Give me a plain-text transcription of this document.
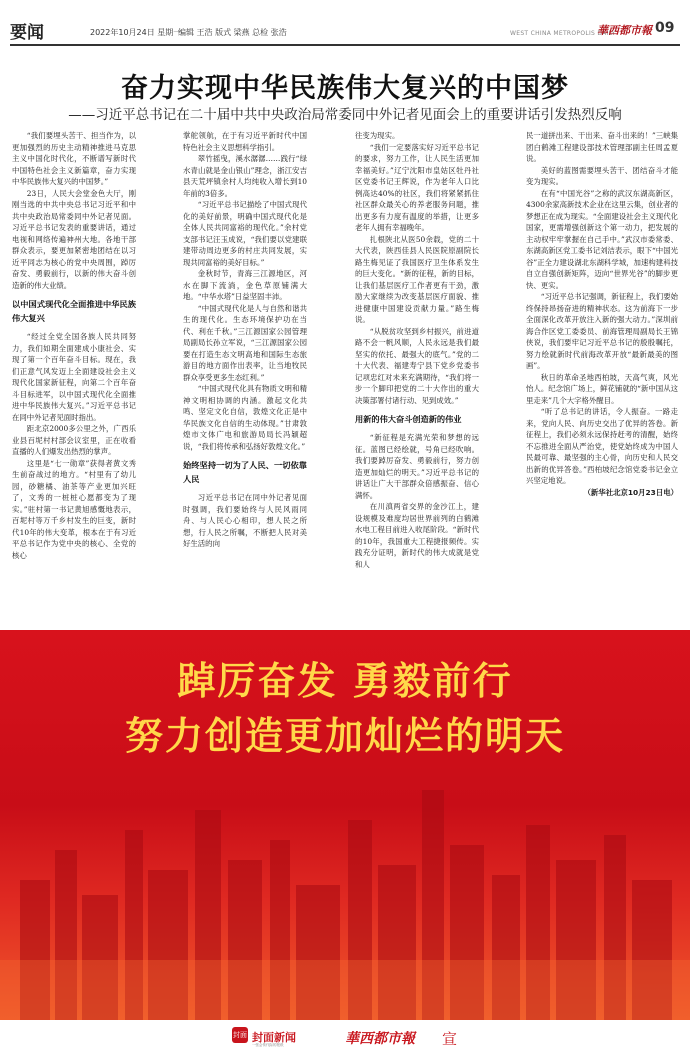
要闻	2022年10月24日 星期一
编辑 王浩 版式 梁燕 总检 张浩	WEST CHINA METROPOLIS DAILY
華西都市報 09
奋力实现中华民族伟大复兴的中国梦
——习近平总书记在二十届中共中央政治局常委同中外记者见面会上的重要讲话引发热烈反响

“我们要埋头苦干、担当作为，以更加强烈的历史主动精神推进马克思主义中国化时代化，不断谱写新时代中国特色社会主义新篇章，奋力实现中华民族伟大复兴的中国梦。”

23日，人民大会堂金色大厅，刚刚当选的中共中央总书记习近平和中共中央政治局常委同中外记者见面。习近平总书记发表的重要讲话，通过电视和网络传遍神州大地。各地干部群众表示，要更加紧密地团结在以习近平同志为核心的党中央周围，踔厉奋发、勇毅前行，以新的伟大奋斗创造新的伟大业绩。

以中国式现代化全面推进中华民族伟大复兴

“经过全党全国各族人民共同努力，我们如期全面建成小康社会、实现了第一个百年奋斗目标。现在，我们正意气风发迈上全面建设社会主义现代化国家新征程，向第二个百年奋斗目标进军，以中国式现代化全面推进中华民族伟大复兴。”习近平总书记在同中外记者见面时指出。

距北京2000多公里之外，广西乐业县百坭村村部会议室里，正在收看直播的人们爆发出热烈的掌声。

这里是“七一勋章”获得者黄文秀生前奋战过的地方。“村里有了幼儿园，砂糖橘、油茶等产业更加兴旺了，文秀的一桩桩心愿都变为了现实。”驻村第一书记黄旭感慨地表示，百坭村等万千乡村发生的巨变，新时代10年的伟大变革，根本在于有习近平总书记作为党中央的核心、全党的核心

掌舵领航，在于有习近平新时代中国特色社会主义思想科学指引。

翠竹摇曳，溪水潺潺……践行“绿水青山就是金山银山”理念，浙江安吉县天荒坪镇余村人均纯收入增长到10年前的3倍多。

“习近平总书记描绘了中国式现代化的美好前景，明确中国式现代化是全体人民共同富裕的现代化。”余村党支部书记汪玉成说，“我们要以党建联建带动周边更多的村庄共同发展，实现共同富裕的美好目标。”

金秋时节，青海三江源地区，河水在脚下流淌，金色草原铺满大地。“中华水塔”日益坚固丰沛。

“中国式现代化是人与自然和谐共生的现代化。生态环境保护功在当代、利在千秋。”三江源国家公园管理局副局长孙立军说，“三江源国家公园要在打造生态文明高地和国际生态旅游目的地方面作出表率，让当地牧民群众享受更多生态红利。”

“中国式现代化具有物质文明和精神文明相协调的内涵。激起文化共鸣、坚定文化自信，敦煌文化正是中华民族文化自信的生动体现。”甘肃敦煌市文体广电和旅游局局长冯颖超说，“我们将传承和弘扬好敦煌文化。”

始终坚持一切为了人民、一切依靠人民

习近平总书记在同中外记者见面时强调，我们要始终与人民风雨同舟、与人民心心相印，想人民之所想，行人民之所嘱，不断把人民对美好生活的向

往变为现实。

“我们一定要落实好习近平总书记的要求，努力工作，让人民生活更加幸福美好。”辽宁沈阳市皇姑区牡丹社区党委书记王辉说，作为老年人口比例高达40%的社区，我们将紧紧抓住社区群众最关心的养老服务问题，推出更多有力度有温度的举措，让更多老年人拥有幸福晚年。

扎根陕北从医50余载，党的二十大代表，陕西佳县人民医院原副院长路生梅见证了我国医疗卫生体系发生的巨大变化。“新的征程，新的目标，让我们基层医疗工作者更有干劲，激励大家继续为改变基层医疗面貌、推进健康中国建设贡献力量。”路生梅说。

“从脱贫攻坚到乡村振兴，前进道路不会一帆风顺，人民永远是我们最坚实的依托、最强大的底气。”党的二十大代表、福建寿宁县下党乡党委书记项忠红对未来充满期待，“我们将一步一个脚印把党的二十大作出的重大决策部署付诸行动、见到成效。”

用新的伟大奋斗创造新的伟业

“新征程是充满光荣和梦想的远征。蓝图已经绘就，号角已经吹响。我们要踔厉奋发、勇毅前行，努力创造更加灿烂的明天。”习近平总书记的讲话让广大干部群众倍感振奋、信心满怀。

在川滇两省交界的金沙江上，建设规模及难度均居世界前列的白鹤滩水电工程目前进入收尾阶段。“新时代的10年，我国重大工程捷报频传。实践充分证明，新时代的伟大成就是党和人

民一道拼出来、干出来、奋斗出来的！”三峡集团白鹤滩工程建设部技术管理部副主任周孟夏说。

美好的蓝图需要埋头苦干、团结奋斗才能变为现实。

在有“中国光谷”之称的武汉东湖高新区，4300余家高新技术企业在这里云集，创业者的梦想正在成为现实。“全面建设社会主义现代化国家，更需增强创新这个第一动力，把发展的主动权牢牢掌握在自己手中。”武汉市委常委、东湖高新区党工委书记刘洁表示，眼下“中国光谷”正全力建设湖北东湖科学城，加速构建科技自立自强创新矩阵，迈向“世界光谷”的脚步更快、更实。

“习近平总书记强调，新征程上，我们要始终保持昂扬奋进的精神状态。这为前海下一步全面深化改革开放注入新的强大动力。”深圳前海合作区党工委委员、前海管理局副局长王锦侠说，我们要牢记习近平总书记的殷殷嘱托，努力绘就新时代前海改革开放“最新最美的图画”。

秋日的革命圣地西柏坡，天高气爽，风光怡人。纪念馆广场上，鲜花铺就的“新中国从这里走来”几个大字格外醒目。

“听了总书记的讲话，令人振奋。一路走来，党向人民、向历史交出了优异的答卷。新征程上，我们必须永远保持赶考的清醒，始终不忘推进全面从严治党，使党始终成为中国人民最可靠、最坚强的主心骨，向历史和人民交出新的优异答卷。”西柏坡纪念馆党委书记金立兴坚定地说。

（新华社北京10月23日电）

踔厉奋发 勇毅前行
努力创造更加灿烂的明天
封面 封面新闻
一张会传代际的报纸	華西都市報 宣
